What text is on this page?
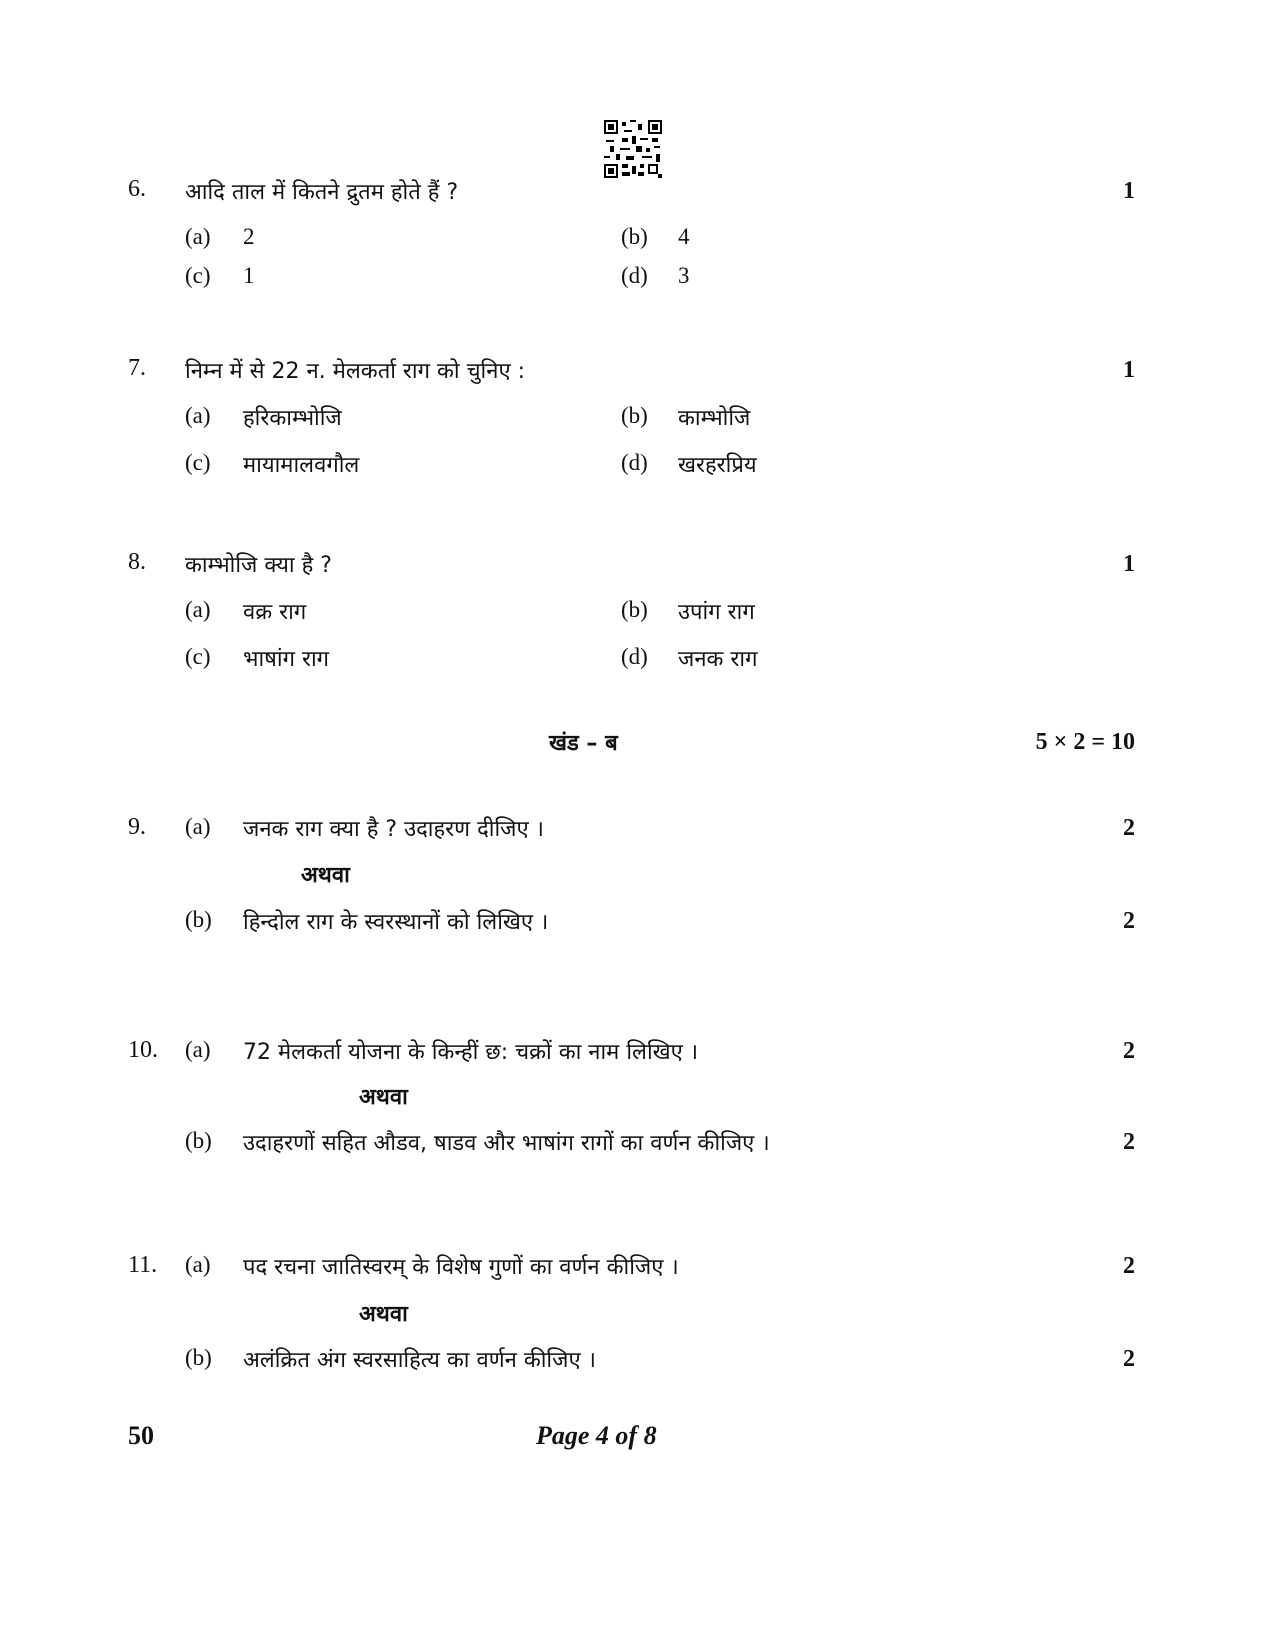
6. आदि ताल में कितने द्रुतम होते हैं ?	1
(a) 2	(b) 4
(c) 1	(d) 3
7. निम्न में से 22 न. मेलकर्ता राग को चुनिए :	1
(a) हरिकाम्भोजि	(b) काम्भोजि
(c) मायामालवगौल	(d) खरहरप्रिय
8. काम्भोजि क्या है ?	1
(a) वक्र राग	(b) उपांग राग
(c) भाषांग राग	(d) जनक राग
खंड – ब	5 × 2 = 10
9. (a) जनक राग क्या है ? उदाहरण दीजिए ।	2
अथवा
(b) हिन्दोल राग के स्वरस्थानों को लिखिए ।	2
10. (a) 72 मेलकर्ता योजना के किन्हीं छ: चक्रों का नाम लिखिए ।	2
अथवा
(b) उदाहरणों सहित औडव, षाडव और भाषांग रागों का वर्णन कीजिए ।	2
11. (a) पद रचना जातिस्वरम् के विशेष गुणों का वर्णन कीजिए ।	2
अथवा
(b) अलंक्रित अंग स्वरसाहित्य का वर्णन कीजिए ।	2
50	Page 4 of 8
